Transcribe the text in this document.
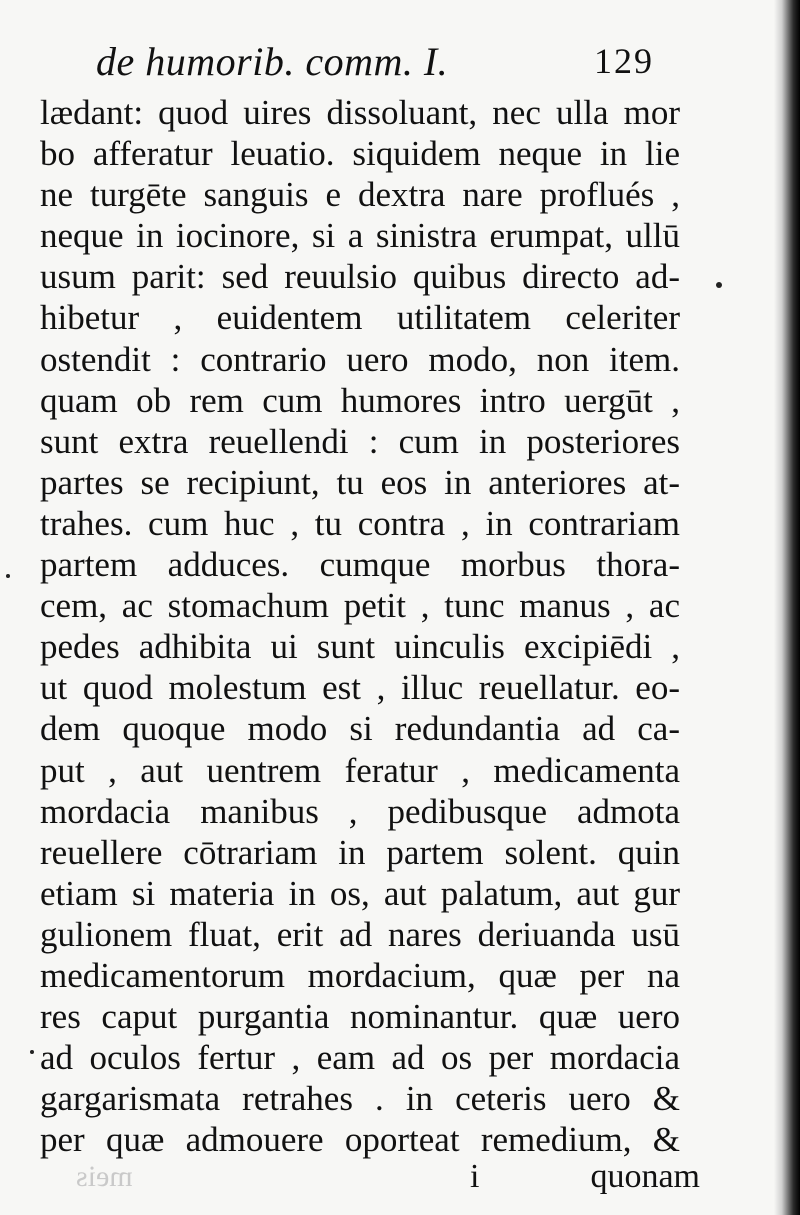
de humorib. comm. I.	129
lædant: quod uires dissoluant, nec ulla mor
bo afferatur leuatio. siquidem neque in lie
ne turgēte sanguis e dextra nare proflués ,
neque in iocinore, si a sinistra erumpat, ullū
usum parit: sed reuulsio quibus directo ad-
hibetur , euidentem utilitatem celeriter
ostendit : contrario uero modo, non item.
quam ob rem cum humores intro uergūt ,
sunt extra reuellendi : cum in posteriores
partes se recipiunt, tu eos in anteriores at-
trahes. cum huc , tu contra , in contrariam
partem adduces. cumque morbus thora-
cem, ac stomachum petit , tunc manus , ac
pedes adhibita ui sunt uinculis excipiēdi ,
ut quod molestum est , illuc reuellatur. eo-
dem quoque modo si redundantia ad ca-
put , aut uentrem feratur , medicamenta
mordacia manibus , pedibusque admota
reuellere cōtrariam in partem solent. quin
etiam si materia in os, aut palatum, aut gur
gulionem fluat, erit ad nares deriuanda usū
medicamentorum mordacium, quæ per na
res caput purgantia nominantur. quæ uero
ad oculos fertur , eam ad os per mordacia
gargarismata retrahes . in ceteris uero &
per quæ admouere oporteat remedium, &
meis	i	quonam
